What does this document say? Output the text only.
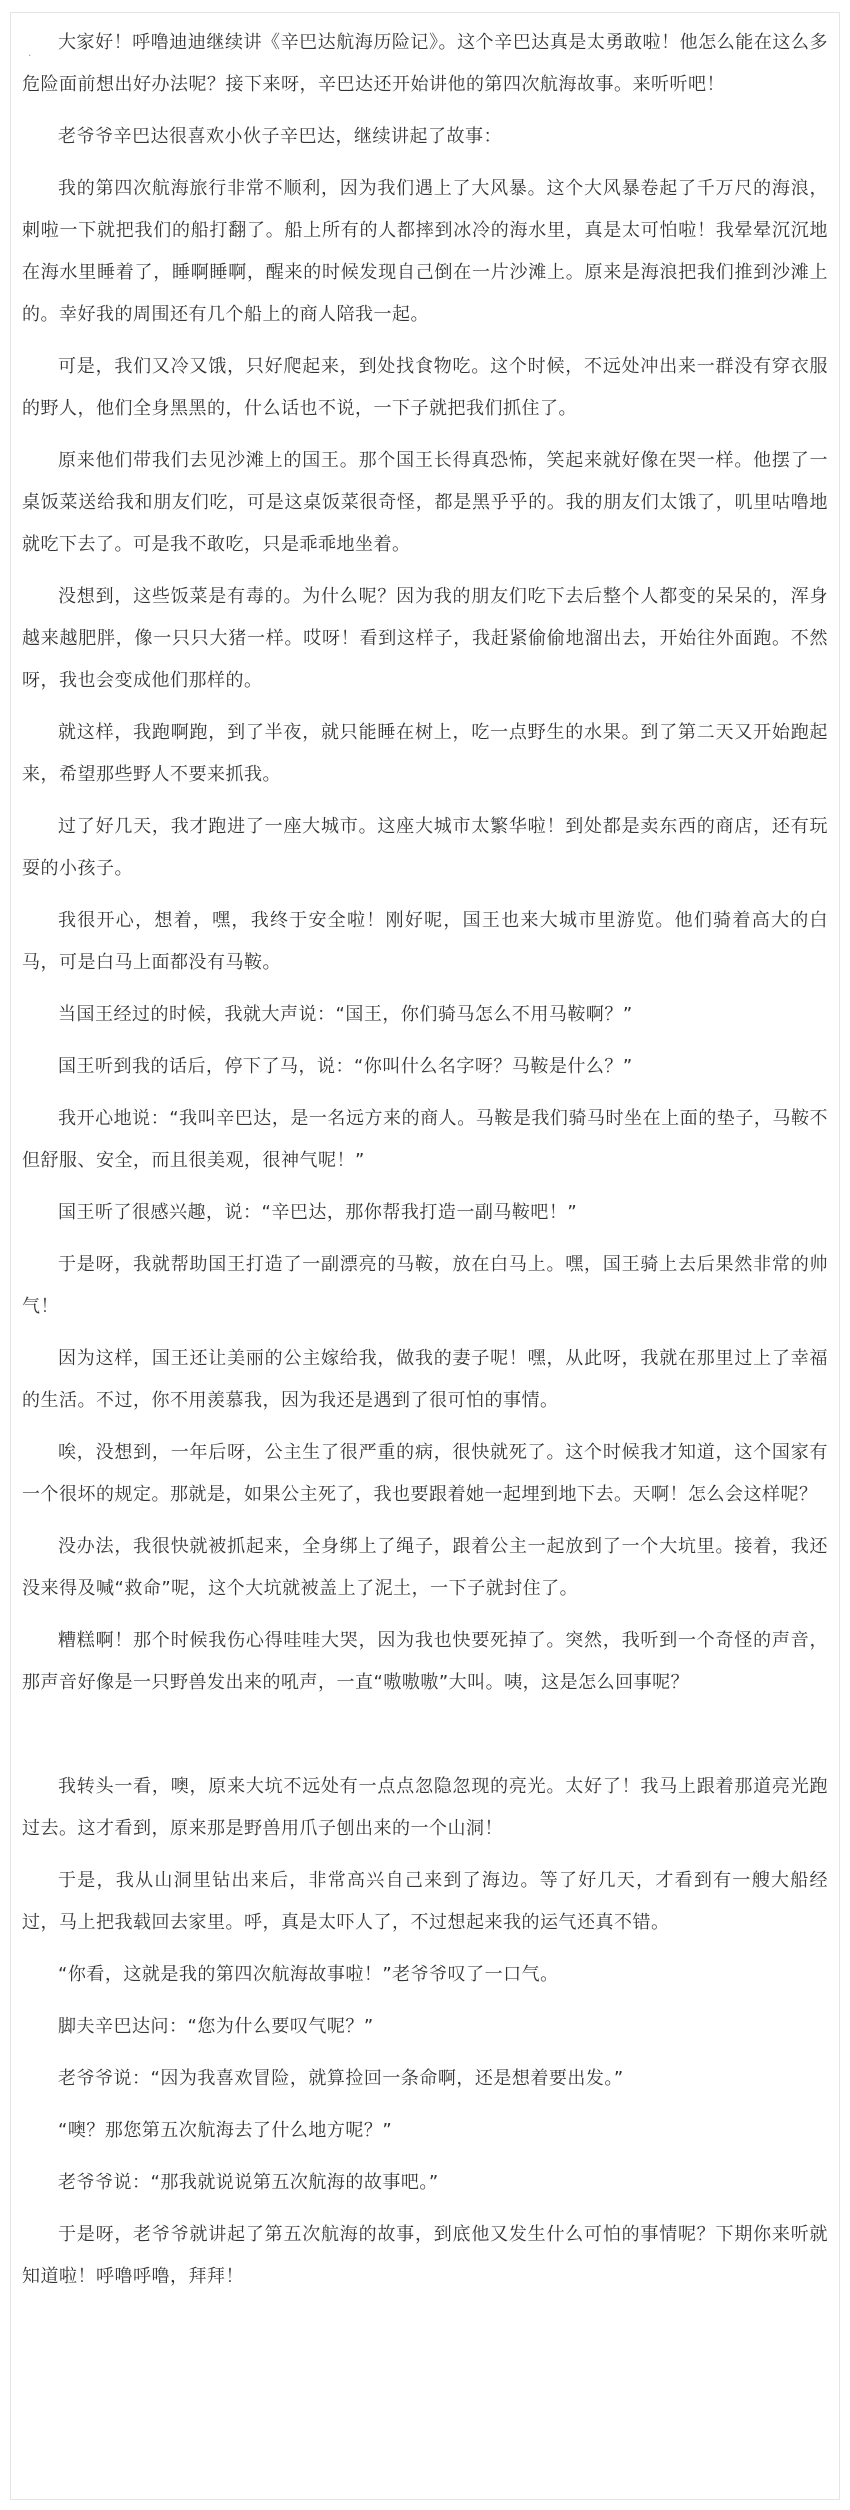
.	大家好！呼噜迪迪继续讲《辛巴达航海历险记》。这个辛巴达真是太勇敢啦！他怎么能在这么多危险面前想出好办法呢？接下来呀，辛巴达还开始讲他的第四次航海故事。来听听吧！

老爷爷辛巴达很喜欢小伙子辛巴达，继续讲起了故事：

我的第四次航海旅行非常不顺利，因为我们遇上了大风暴。这个大风暴卷起了千万尺的海浪，刺啦一下就把我们的船打翻了。船上所有的人都摔到冰冷的海水里，真是太可怕啦！我晕晕沉沉地在海水里睡着了，睡啊睡啊，醒来的时候发现自己倒在一片沙滩上。原来是海浪把我们推到沙滩上的。幸好我的周围还有几个船上的商人陪我一起。

可是，我们又冷又饿，只好爬起来，到处找食物吃。这个时候，不远处冲出来一群没有穿衣服的野人，他们全身黑黑的，什么话也不说，一下子就把我们抓住了。

原来他们带我们去见沙滩上的国王。那个国王长得真恐怖，笑起来就好像在哭一样。他摆了一桌饭菜送给我和朋友们吃，可是这桌饭菜很奇怪，都是黑乎乎的。我的朋友们太饿了，叽里咕噜地就吃下去了。可是我不敢吃，只是乖乖地坐着。

没想到，这些饭菜是有毒的。为什么呢？因为我的朋友们吃下去后整个人都变的呆呆的，浑身越来越肥胖，像一只只大猪一样。哎呀！看到这样子，我赶紧偷偷地溜出去，开始往外面跑。不然呀，我也会变成他们那样的。

就这样，我跑啊跑，到了半夜，就只能睡在树上，吃一点野生的水果。到了第二天又开始跑起来，希望那些野人不要来抓我。

过了好几天，我才跑进了一座大城市。这座大城市太繁华啦！到处都是卖东西的商店，还有玩耍的小孩子。

我很开心，想着，嘿，我终于安全啦！刚好呢，国王也来大城市里游览。他们骑着高大的白马，可是白马上面都没有马鞍。

当国王经过的时候，我就大声说：“国王，你们骑马怎么不用马鞍啊？”

国王听到我的话后，停下了马，说：“你叫什么名字呀？马鞍是什么？”

我开心地说：“我叫辛巴达，是一名远方来的商人。马鞍是我们骑马时坐在上面的垫子，马鞍不但舒服、安全，而且很美观，很神气呢！”

国王听了很感兴趣，说：“辛巴达，那你帮我打造一副马鞍吧！”

于是呀，我就帮助国王打造了一副漂亮的马鞍，放在白马上。嘿，国王骑上去后果然非常的帅气！

因为这样，国王还让美丽的公主嫁给我，做我的妻子呢！嘿，从此呀，我就在那里过上了幸福的生活。不过，你不用羡慕我，因为我还是遇到了很可怕的事情。

唉，没想到，一年后呀，公主生了很严重的病，很快就死了。这个时候我才知道，这个国家有一个很坏的规定。那就是，如果公主死了，我也要跟着她一起埋到地下去。天啊！怎么会这样呢？

没办法，我很快就被抓起来，全身绑上了绳子，跟着公主一起放到了一个大坑里。接着，我还没来得及喊“救命”呢，这个大坑就被盖上了泥土，一下子就封住了。

糟糕啊！那个时候我伤心得哇哇大哭，因为我也快要死掉了。突然，我听到一个奇怪的声音，那声音好像是一只野兽发出来的吼声，一直“嗷嗷嗷”大叫。咦，这是怎么回事呢？

我转头一看，噢，原来大坑不远处有一点点忽隐忽现的亮光。太好了！我马上跟着那道亮光跑过去。这才看到，原来那是野兽用爪子刨出来的一个山洞！

于是，我从山洞里钻出来后，非常高兴自己来到了海边。等了好几天，才看到有一艘大船经过，马上把我载回去家里。呼，真是太吓人了，不过想起来我的运气还真不错。

“你看，这就是我的第四次航海故事啦！”老爷爷叹了一口气。

脚夫辛巴达问：“您为什么要叹气呢？”

老爷爷说：“因为我喜欢冒险，就算捡回一条命啊，还是想着要出发。”

“噢？那您第五次航海去了什么地方呢？”

老爷爷说：“那我就说说第五次航海的故事吧。”

于是呀，老爷爷就讲起了第五次航海的故事，到底他又发生什么可怕的事情呢？下期你来听就知道啦！呼噜呼噜，拜拜！
